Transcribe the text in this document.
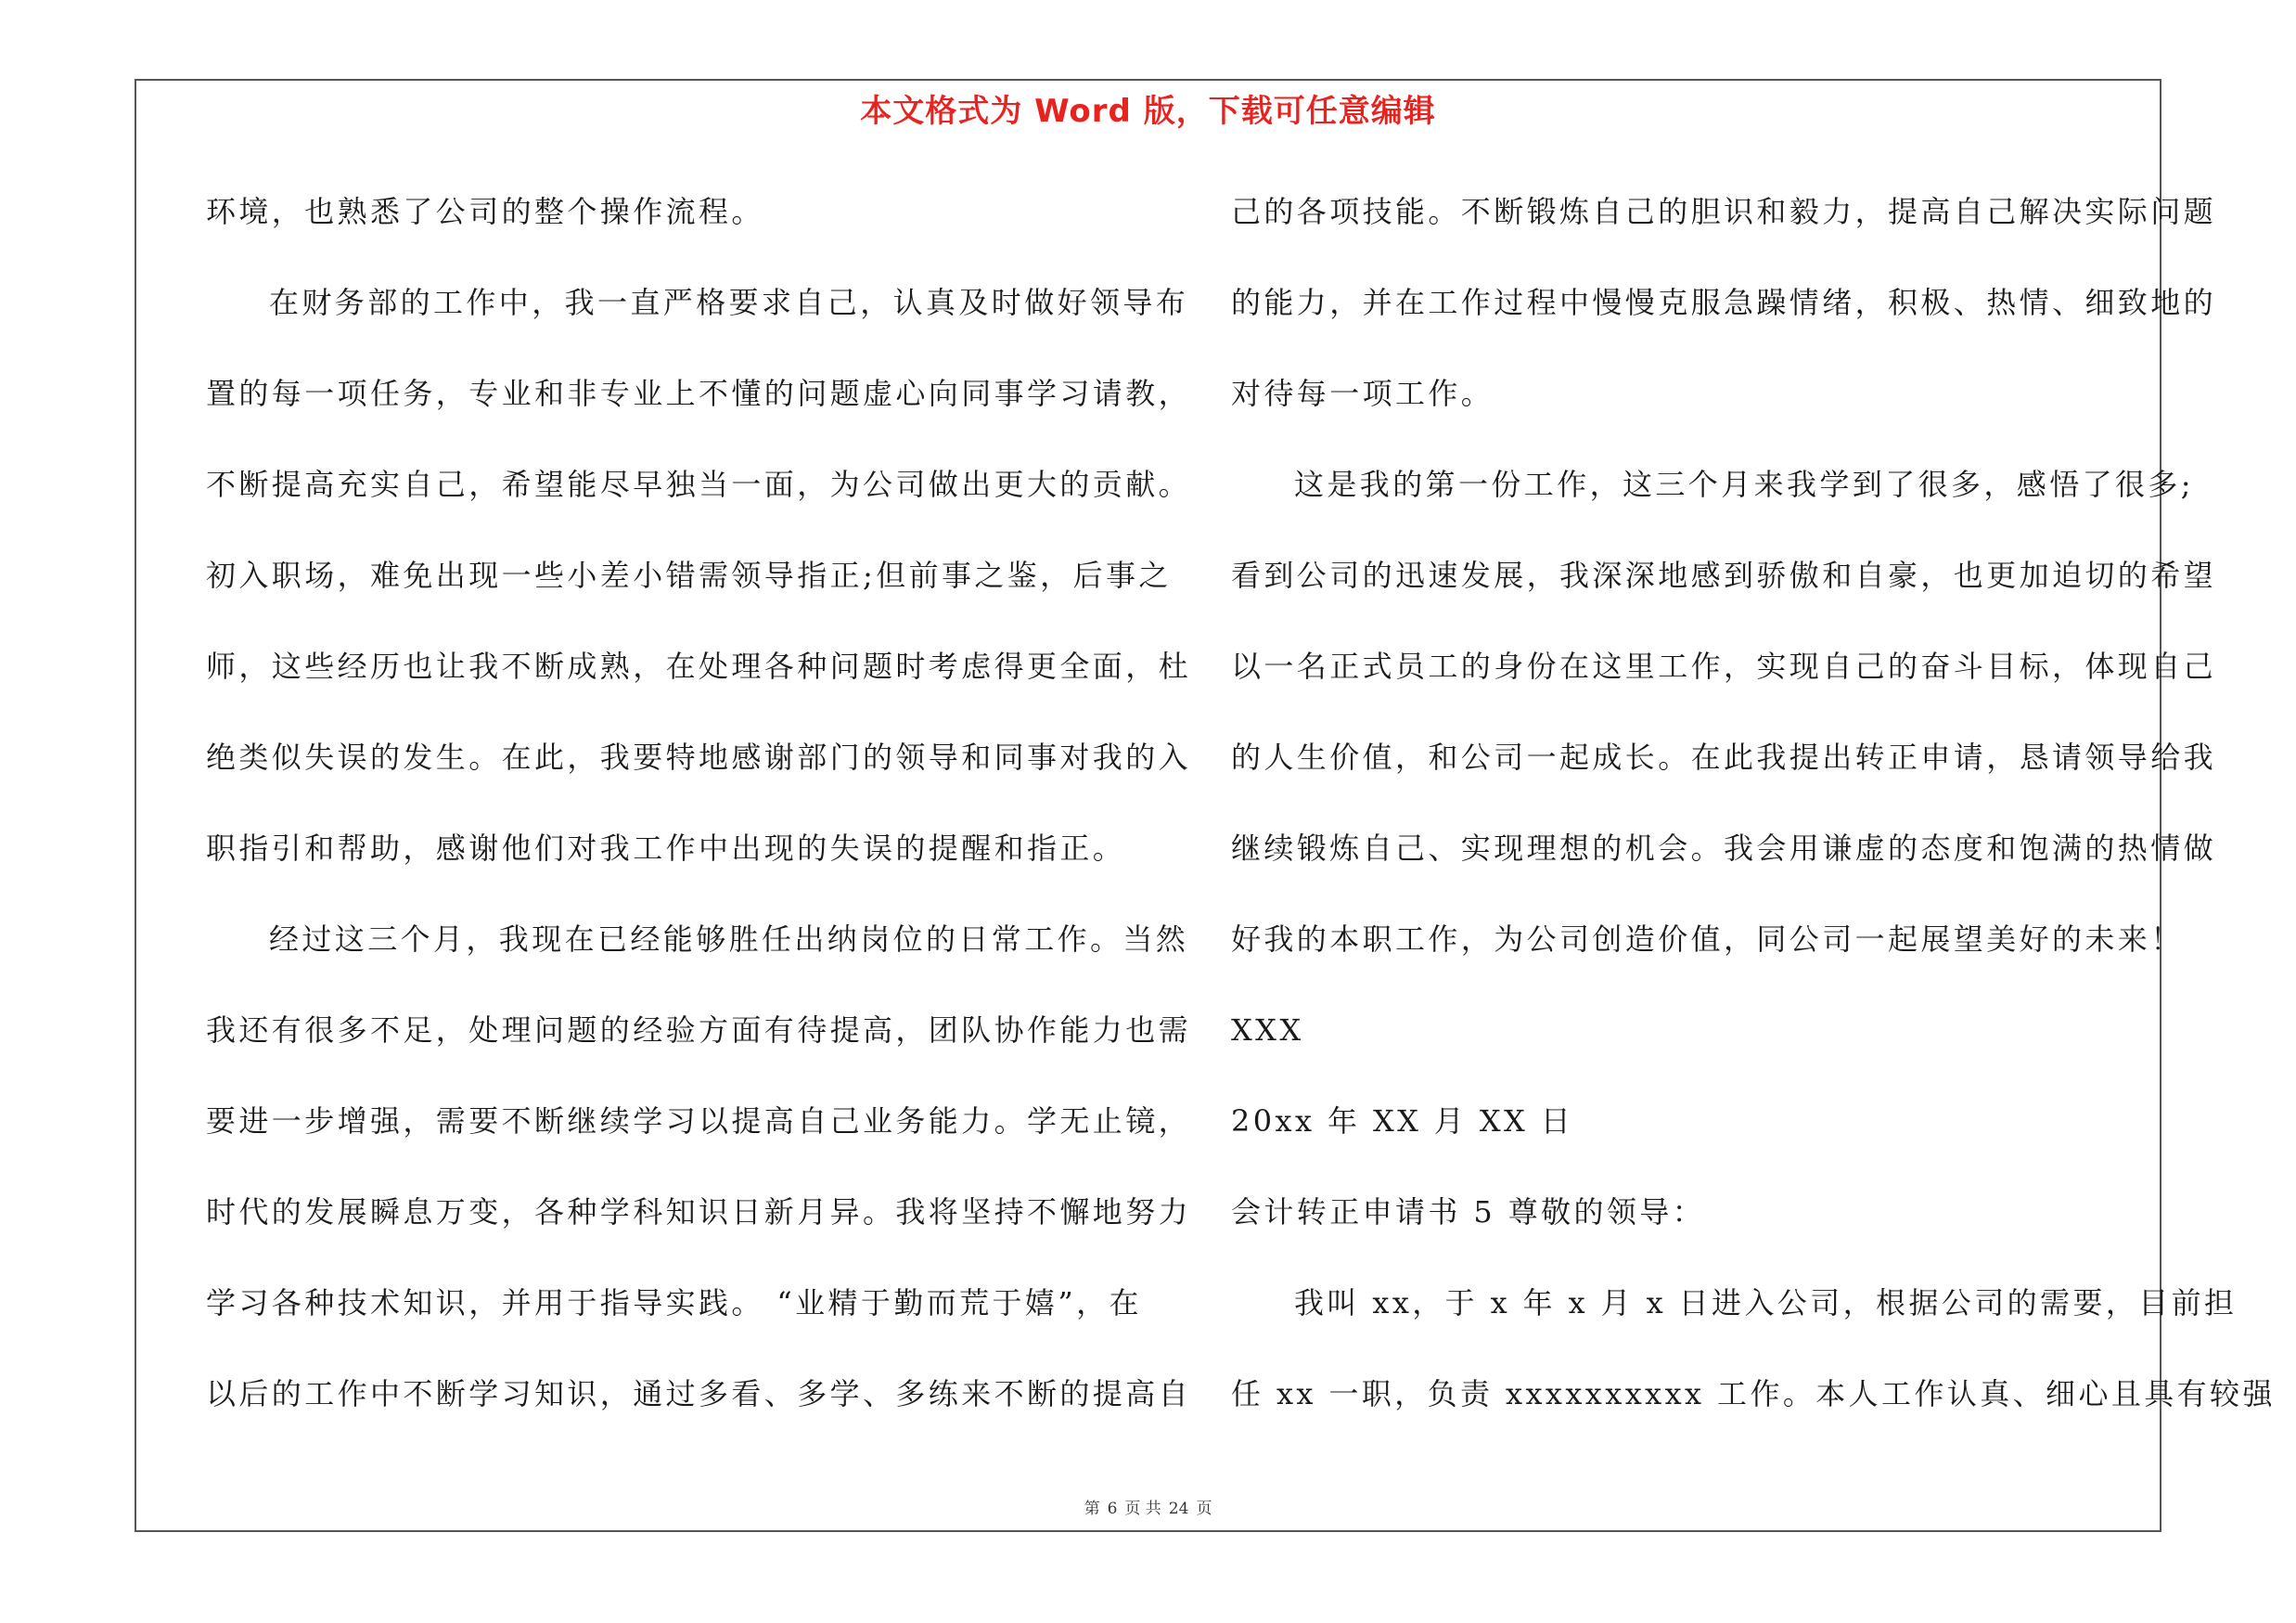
本文格式为 Word 版，下载可任意编辑
环境，也熟悉了公司的整个操作流程。
在财务部的工作中，我一直严格要求自己，认真及时做好领导布
置的每一项任务，专业和非专业上不懂的问题虚心向同事学习请教，
不断提高充实自己，希望能尽早独当一面，为公司做出更大的贡献。
初入职场，难免出现一些小差小错需领导指正;但前事之鉴，后事之
师，这些经历也让我不断成熟，在处理各种问题时考虑得更全面，杜
绝类似失误的发生。在此，我要特地感谢部门的领导和同事对我的入
职指引和帮助，感谢他们对我工作中出现的失误的提醒和指正。
经过这三个月，我现在已经能够胜任出纳岗位的日常工作。当然
我还有很多不足，处理问题的经验方面有待提高，团队协作能力也需
要进一步增强，需要不断继续学习以提高自己业务能力。学无止镜，
时代的发展瞬息万变，各种学科知识日新月异。我将坚持不懈地努力
学习各种技术知识，并用于指导实践。 “业精于勤而荒于嬉”，在
以后的工作中不断学习知识，通过多看、多学、多练来不断的提高自
己的各项技能。不断锻炼自己的胆识和毅力，提高自己解决实际问题
的能力，并在工作过程中慢慢克服急躁情绪，积极、热情、细致地的
对待每一项工作。
这是我的第一份工作，这三个月来我学到了很多，感悟了很多;
看到公司的迅速发展，我深深地感到骄傲和自豪，也更加迫切的希望
以一名正式员工的身份在这里工作，实现自己的奋斗目标，体现自己
的人生价值，和公司一起成长。在此我提出转正申请，恳请领导给我
继续锻炼自己、实现理想的机会。我会用谦虚的态度和饱满的热情做
好我的本职工作，为公司创造价值，同公司一起展望美好的未来！
XXX
20xx 年 XX 月 XX 日
会计转正申请书 5 尊敬的领导：
我叫 xx，于 x 年 x 月 x 日进入公司，根据公司的需要，目前担
任 xx 一职，负责 xxxxxxxxxx 工作。本人工作认真、细心且具有较强
第 6 页 共 24 页
